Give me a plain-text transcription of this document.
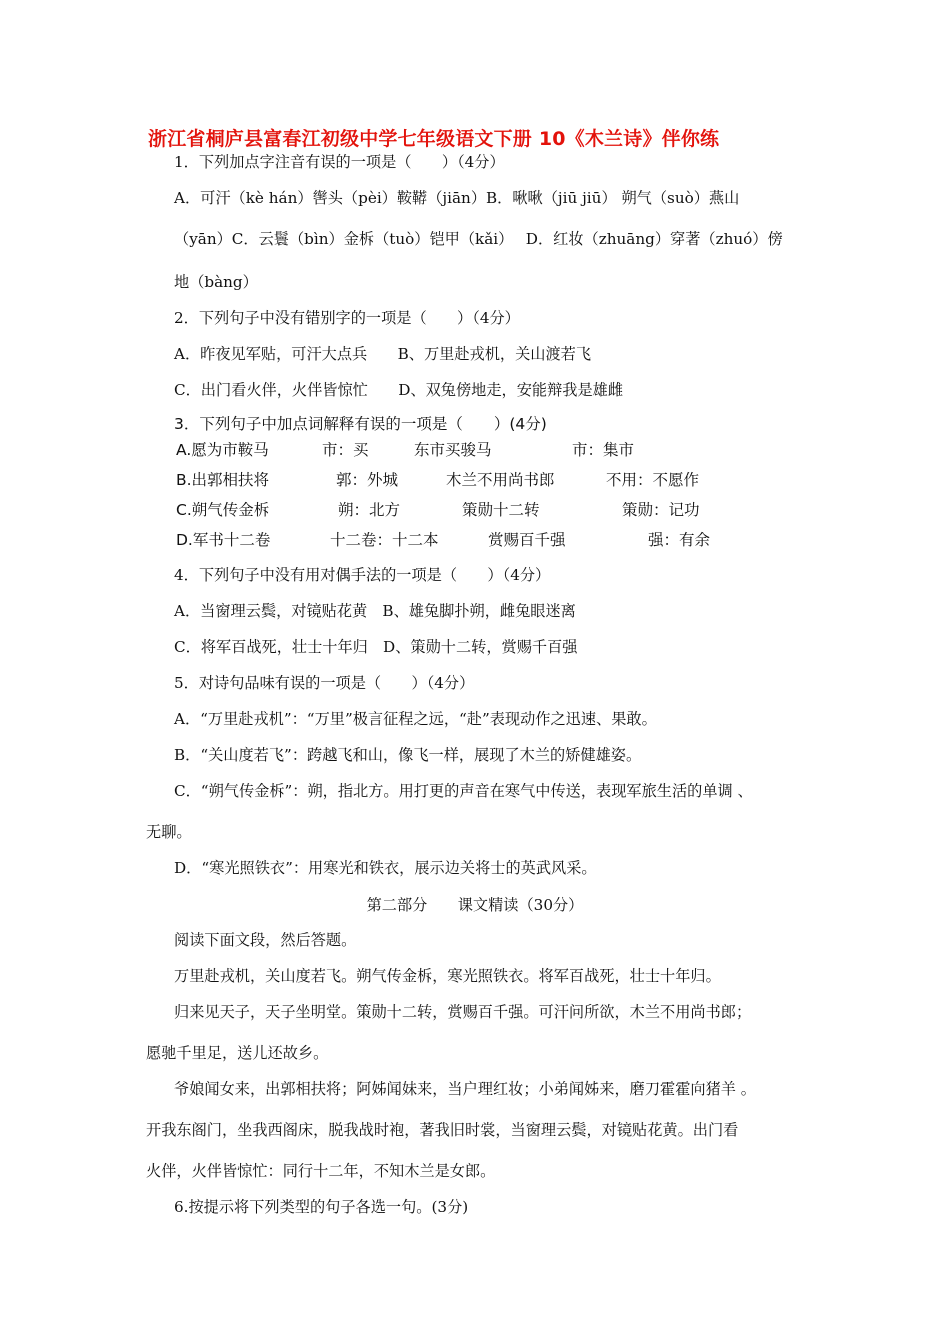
浙江省桐庐县富春江初级中学七年级语文下册 10《木兰诗》伴你练
1．下列加点字注音有误的一项是（　　）（4分）
A．可汗（kè hán）辔头（pèi）鞍鞯（jiān）B．啾啾（jiū jiū） 朔气（suò）燕山
（yān）C．云鬟（bìn）金柝（tuò）铠甲（kǎi）　 D．红妆（zhuāng）穿著（zhuó）傍
地（bàng）
2．下列句子中没有错别字的一项是（　　）（4分）
A．昨夜见军贴，可汗大点兵　　B、万里赴戎机，关山渡若飞
C．出门看火伴，火伴皆惊忙　　D、双兔傍地走，安能辩我是雄雌
3．下列句子中加点词解释有误的一项是（　　）(4分)
A.愿为市鞍马	市：买	东市买骏马	市：集市
B.出郭相扶将	郭：外城	木兰不用尚书郎	不用：不愿作
C.朔气传金柝	朔：北方	策勋十二转	策勋：记功
D.军书十二卷	十二卷：十二本	赏赐百千强	强：有余
4．下列句子中没有用对偶手法的一项是（　　）（4分）
A．当窗理云鬓，对镜贴花黄　B、雄兔脚扑朔，雌兔眼迷离
C．将军百战死，壮士十年归　D、策勋十二转，赏赐千百强
5．对诗句品味有误的一项是（　　）（4分）
A．“万里赴戎机”：“万里”极言征程之远，“赴”表现动作之迅速、果敢。
B．“关山度若飞”：跨越飞和山，像飞一样，展现了木兰的矫健雄姿。
C．“朔气传金柝”：朔，指北方。用打更的声音在寒气中传送，表现军旅生活的单调 、
无聊。
D．“寒光照铁衣”：用寒光和铁衣，展示边关将士的英武风采。
第二部分　　课文精读（30分）
阅读下面文段，然后答题。
万里赴戎机，关山度若飞。朔气传金柝，寒光照铁衣。将军百战死，壮士十年归。
归来见天子，天子坐明堂。策勋十二转，赏赐百千强。可汗问所欲，木兰不用尚书郎；
愿驰千里足，送儿还故乡。
爷娘闻女来，出郭相扶将；阿姊闻妹来，当户理红妆；小弟闻姊来，磨刀霍霍向猪羊 。
开我东阁门，坐我西阁床，脱我战时袍，著我旧时裳，当窗理云鬓，对镜贴花黄。出门看
火伴，火伴皆惊忙：同行十二年，不知木兰是女郎。
6.按提示将下列类型的句子各选一句。(3分)
